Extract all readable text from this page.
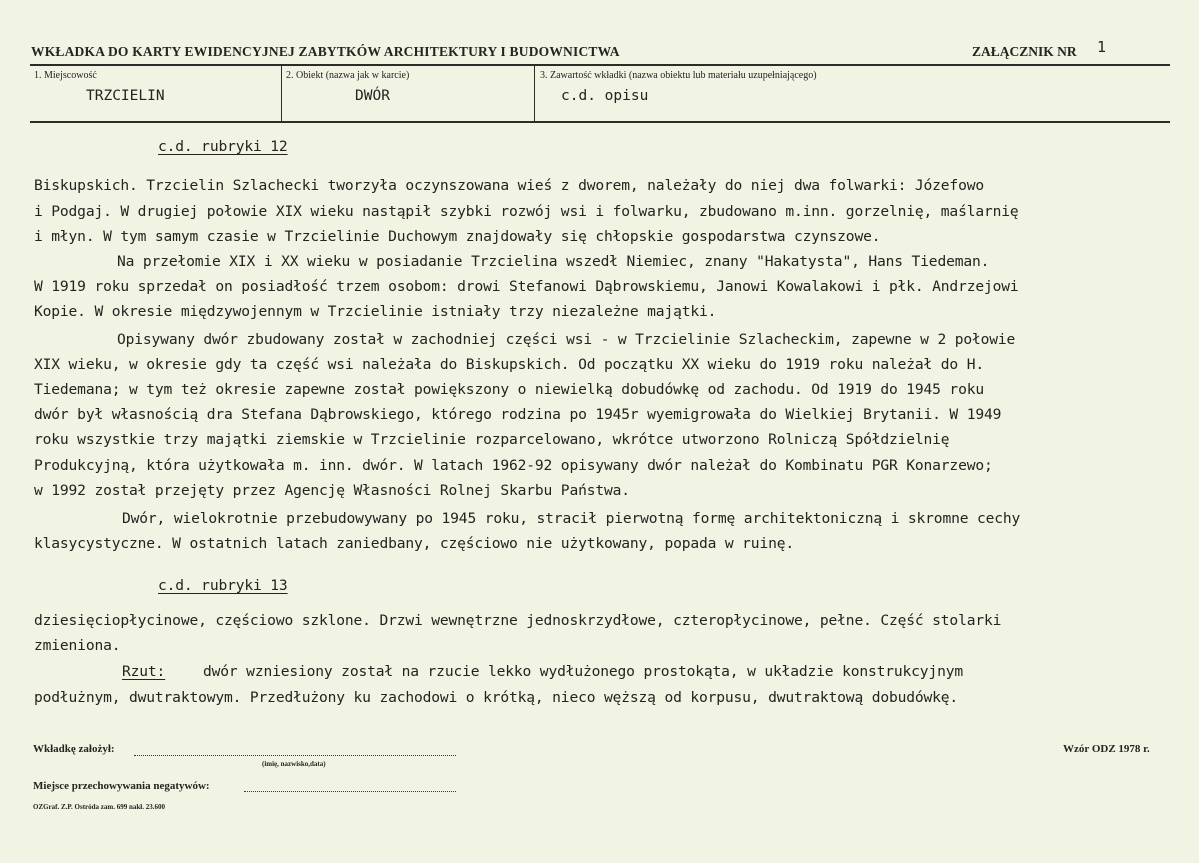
WKŁADKA DO KARTY EWIDENCYJNEJ ZABYTKÓW ARCHITEKTURY I BUDOWNICTWA	ZAŁĄCZNIK NR 1
1. Miejscowość
TRZCIELIN
2. Obiekt (nazwa jak w karcie)
DWÓR
3. Zawartość wkładki (nazwa obiektu lub materiału uzupełniającego)
c.d. opisu
c.d. rubryki 12
Biskupskich. Trzcielin Szlachecki tworzyła oczynszowana wieś z dworem, należały do niej dwa folwarki: Józefowo
i Podgaj. W drugiej połowie XIX wieku nastąpił szybki rozwój wsi i folwarku, zbudowano m.inn. gorzelnię, maślarnię
i młyn. W tym samym czasie w Trzcielinie Duchowym znajdowały się chłopskie gospodarstwa czynszowe.
Na przełomie XIX i XX wieku w posiadanie Trzcielina wszedł Niemiec, znany "Hakatysta", Hans Tiedeman.
W 1919 roku sprzedał on posiadłość trzem osobom: drowi Stefanowi Dąbrowskiemu, Janowi Kowalakowi i płk. Andrzejowi
Kopie. W okresie międzywojennym w Trzcielinie istniały trzy niezależne majątki.
Opisywany dwór zbudowany został w zachodniej części wsi - w Trzcielinie Szlacheckim, zapewne w 2 połowie
XIX wieku, w okresie gdy ta część wsi należała do Biskupskich. Od początku XX wieku do 1919 roku należał do H.
Tiedemana; w tym też okresie zapewne został powiększony o niewielką dobudówkę od zachodu. Od 1919 do 1945 roku
dwór był własnością dra Stefana Dąbrowskiego, którego rodzina po 1945r wyemigrowała do Wielkiej Brytanii. W 1949
roku wszystkie trzy majątki ziemskie w Trzcielinie rozparcelowano, wkrótce utworzono Rolniczą Spółdzielnię
Produkcyjną, która użytkowała m. inn. dwór. W latach 1962-92 opisywany dwór należał do Kombinatu PGR Konarzewo;
w 1992 został przejęty przez Agencję Własności Rolnej Skarbu Państwa.
Dwór, wielokrotnie przebudowywany po 1945 roku, stracił pierwotną formę architektoniczną i skromne cechy
klasycystyczne. W ostatnich latach zaniedbany, częściowo nie użytkowany, popada w ruinę.
c.d. rubryki 13
dziesięciopłycinowe, częściowo szklone. Drzwi wewnętrzne jednoskrzydłowe, czteropłycinowe, pełne. Część stolarki
zmieniona.
Rzut:	dwór wzniesiony został na rzucie lekko wydłużonego prostokąta, w układzie konstrukcyjnym
podłużnym, dwutraktowym. Przedłużony ku zachodowi o krótką, nieco węższą od korpusu, dwutraktową dobudówkę.
Wkładkę założył:
(imię, nazwisko,data)
Wzór ODZ 1978 r.
Miejsce przechowywania negatywów:
OZGraf. Z.P. Ostróda zam. 699 nakł. 23.600
